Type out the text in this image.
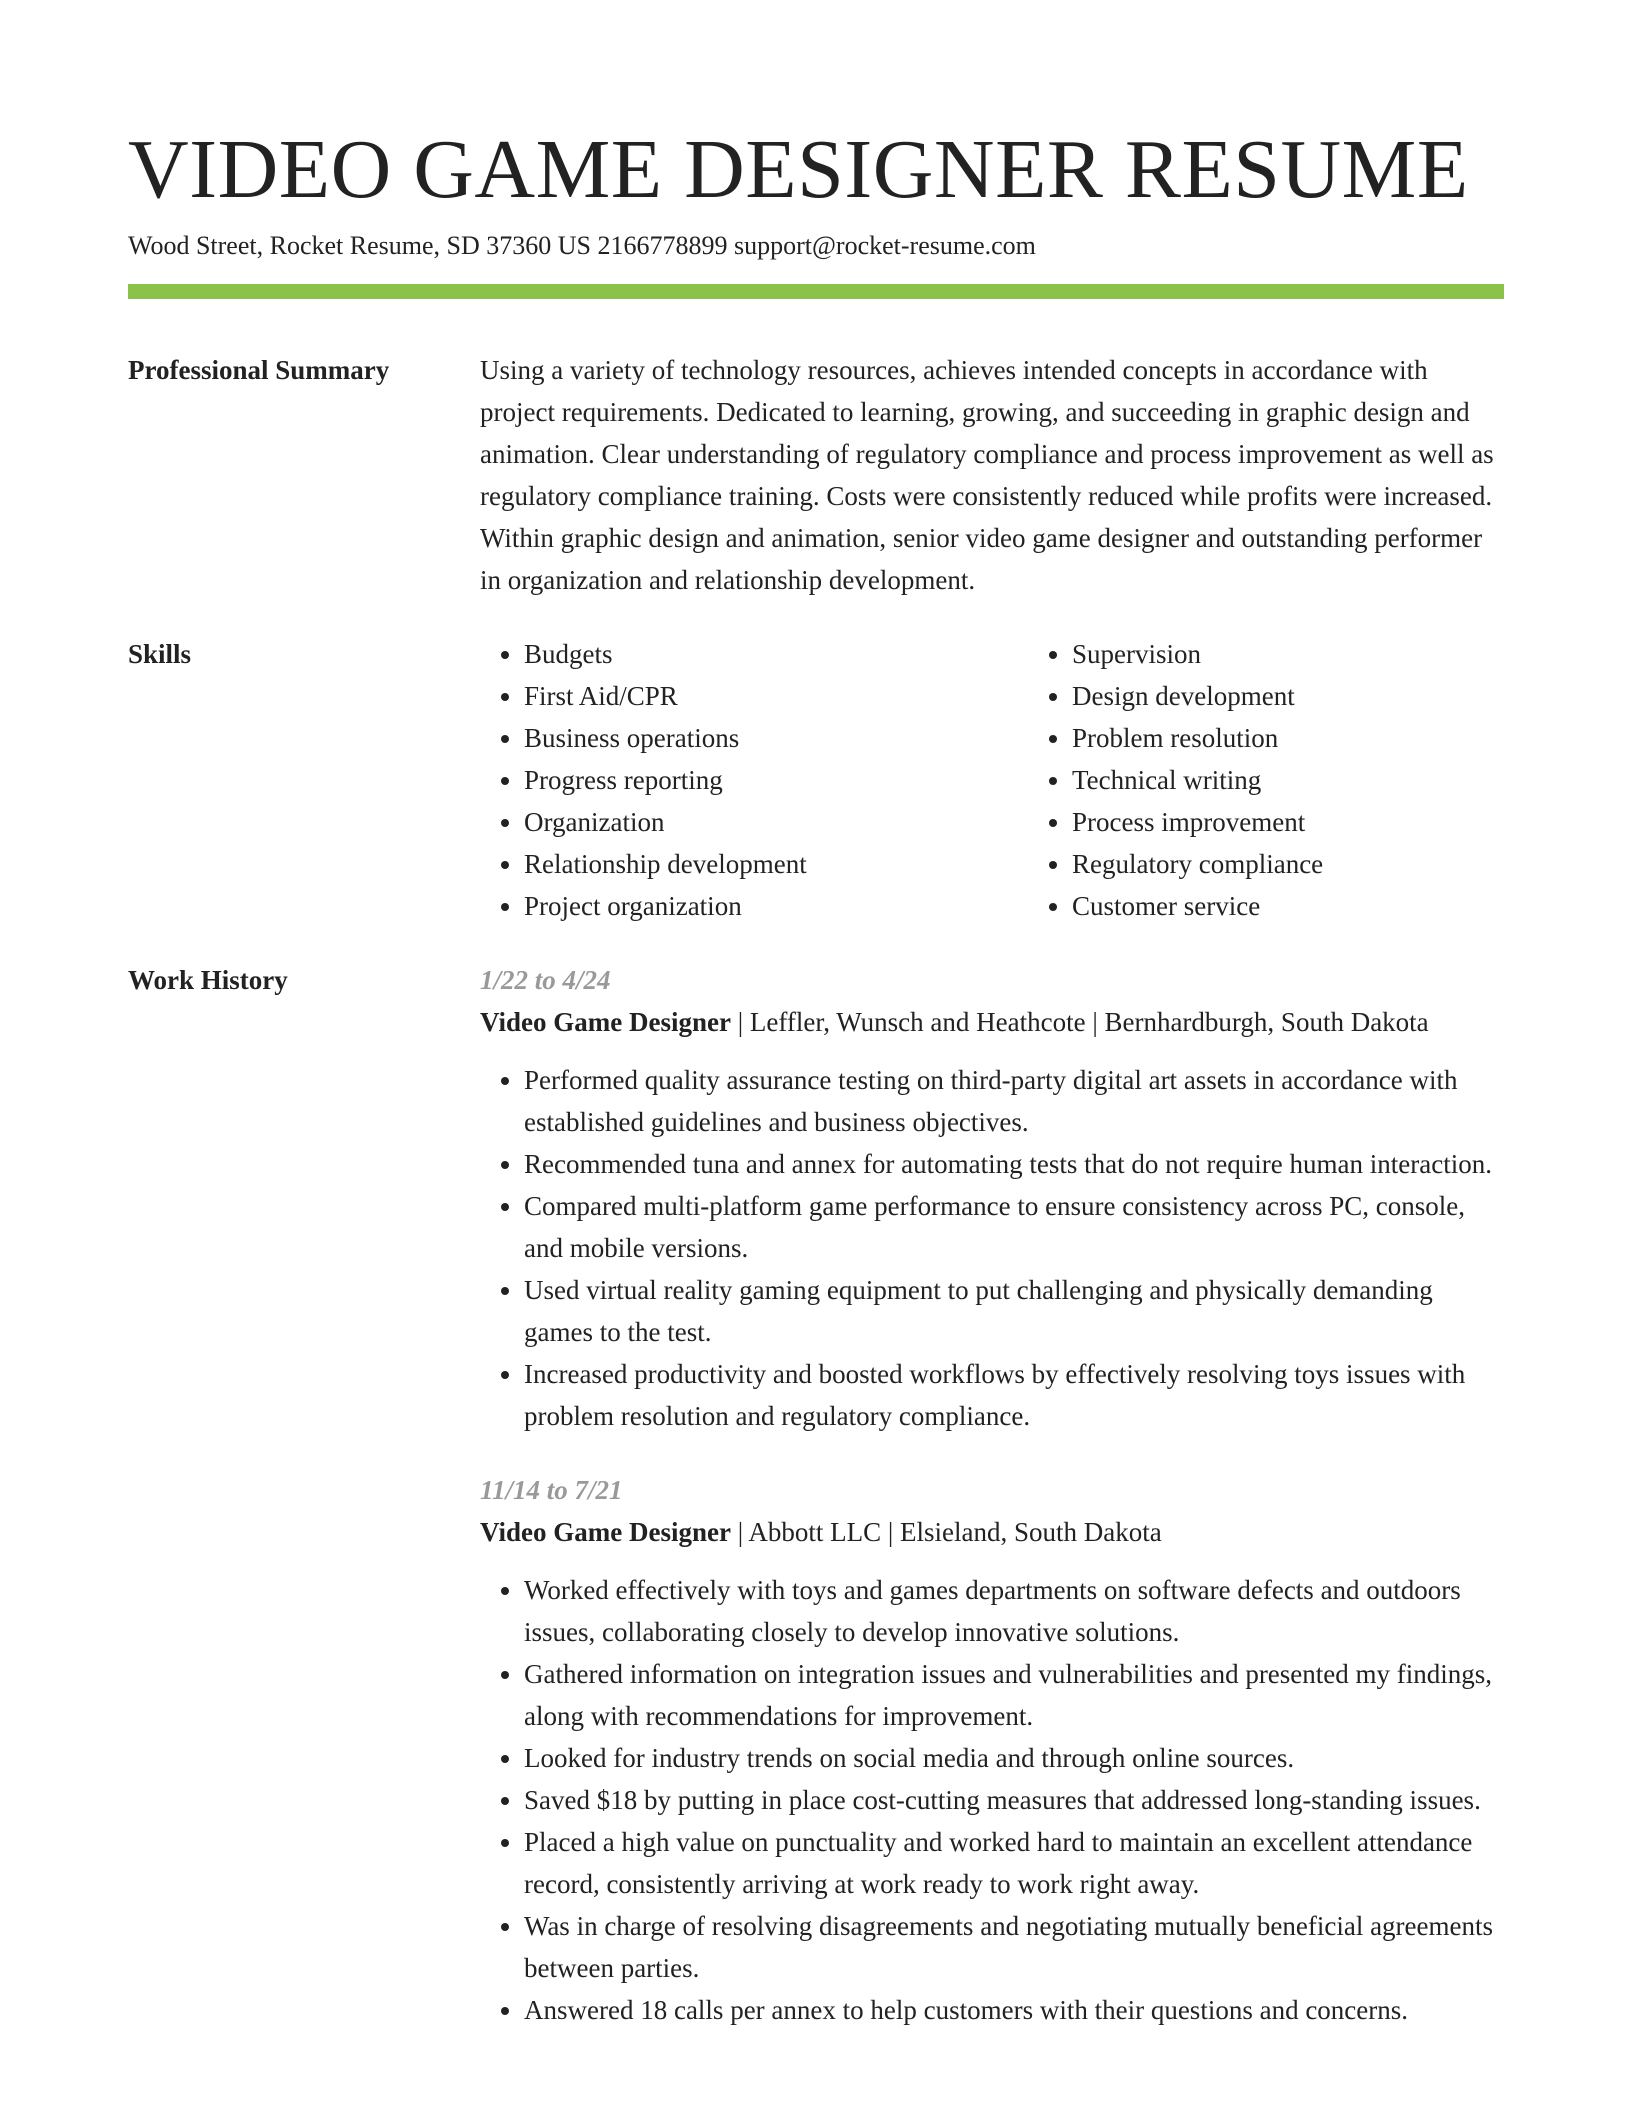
VIDEO GAME DESIGNER RESUME
Wood Street, Rocket Resume, SD 37360 US 2166778899 support@rocket-resume.com
Professional Summary	Using a variety of technology resources, achieves intended concepts in accordance with project requirements. Dedicated to learning, growing, and succeeding in graphic design and animation. Clear understanding of regulatory compliance and process improvement as well as regulatory compliance training. Costs were consistently reduced while profits were increased. Within graphic design and animation, senior video game designer and outstanding performer in organization and relationship development.
Skills
•	Budgets
• First Aid/CPR
• Business operations
• Progress reporting
• Organization
• Relationship development
• Project organization
• Supervision
• Design development
• Problem resolution
• Technical writing
• Process improvement
• Regulatory compliance
• Customer service
Work History	1/22 to 4/24
Video Game Designer | Leffler, Wunsch and Heathcote | Bernhardburgh, South Dakota
• Performed quality assurance testing on third-party digital art assets in accordance with established guidelines and business objectives.
• Recommended tuna and annex for automating tests that do not require human interaction.
• Compared multi-platform game performance to ensure consistency across PC, console, and mobile versions.
• Used virtual reality gaming equipment to put challenging and physically demanding games to the test.
• Increased productivity and boosted workflows by effectively resolving toys issues with problem resolution and regulatory compliance.
11/14 to 7/21
Video Game Designer | Abbott LLC | Elsieland, South Dakota
• Worked effectively with toys and games departments on software defects and outdoors issues, collaborating closely to develop innovative solutions.
• Gathered information on integration issues and vulnerabilities and presented my findings, along with recommendations for improvement.
• Looked for industry trends on social media and through online sources.
• Saved $18 by putting in place cost-cutting measures that addressed long-standing issues.
• Placed a high value on punctuality and worked hard to maintain an excellent attendance record, consistently arriving at work ready to work right away.
• Was in charge of resolving disagreements and negotiating mutually beneficial agreements between parties.
• Answered 18 calls per annex to help customers with their questions and concerns.
